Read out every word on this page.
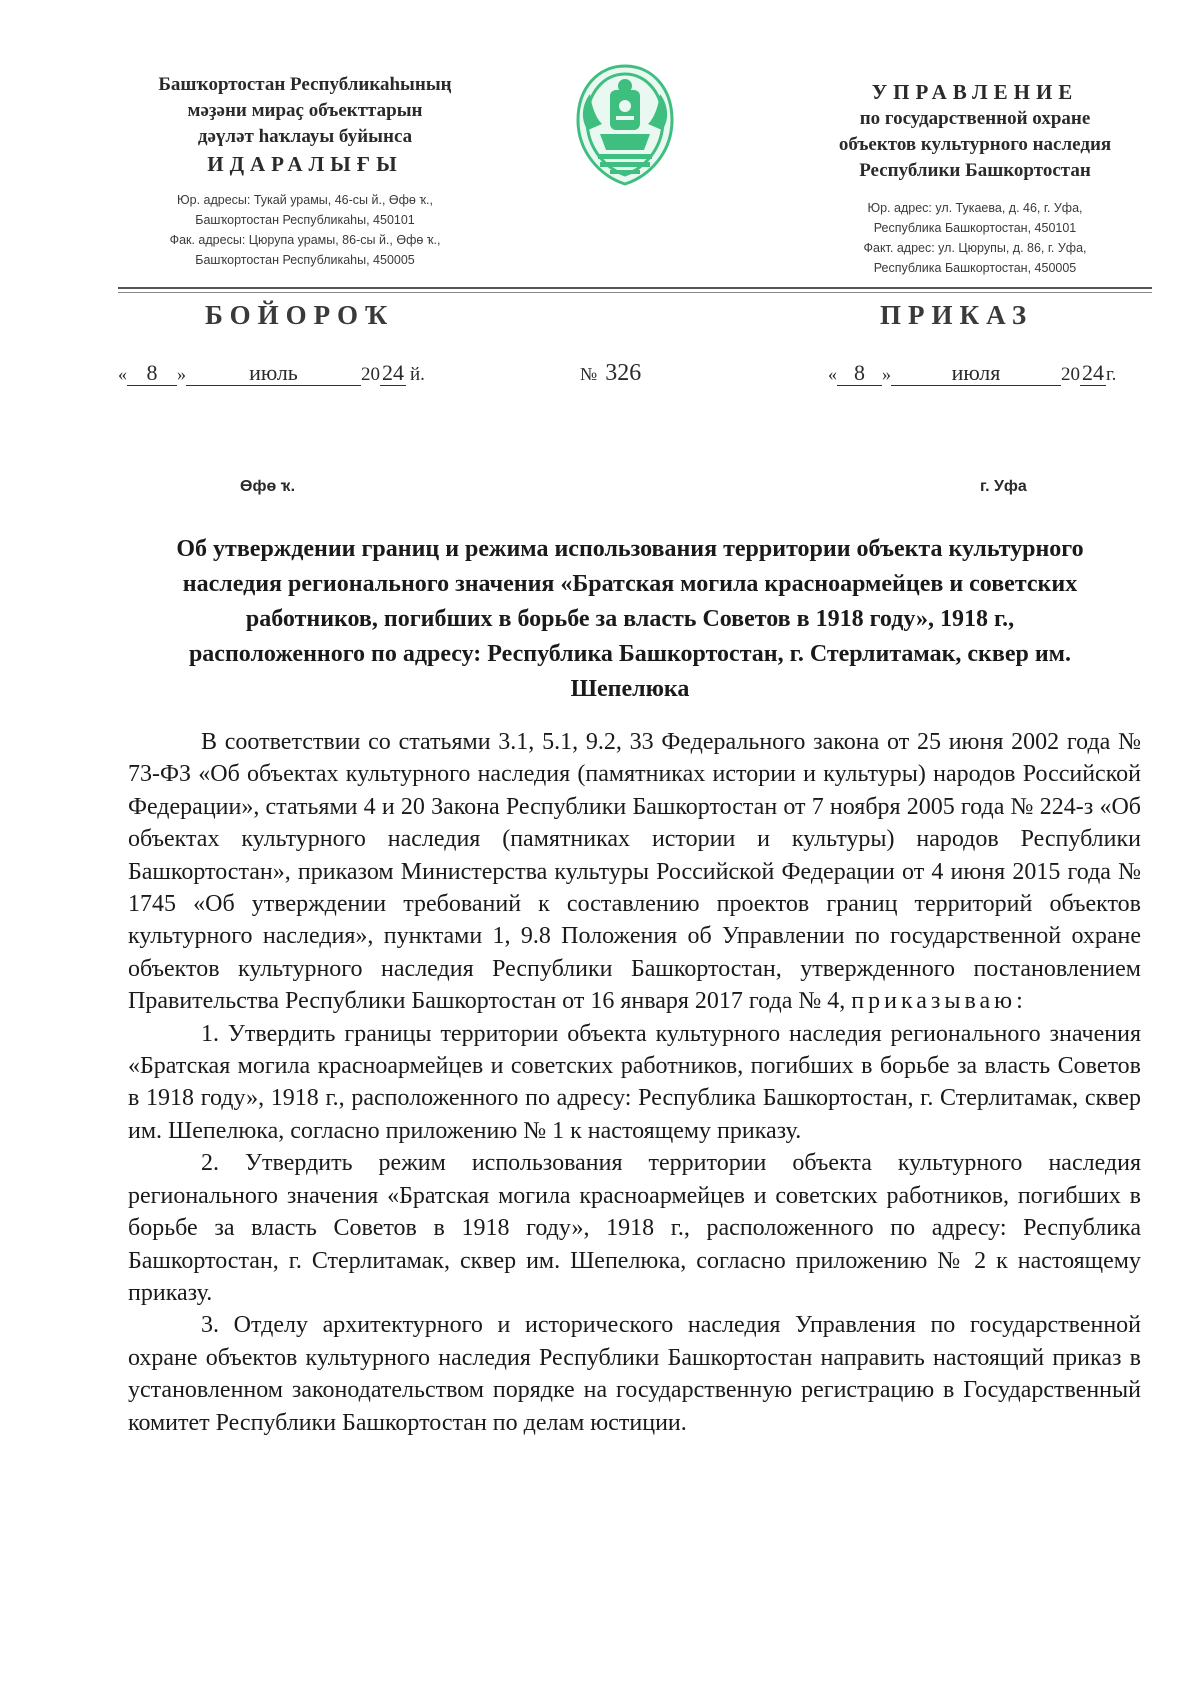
Башҡортостан Республикаһының
мәҙәни мираҫ объекттарын
дәүләт һаҡлауы буйынса
ИДАРАЛЫҒЫ
Юр. адресы: Тукай урамы, 46-сы й., Өфө ҡ.,
Башҡортостан Республикаһы, 450101
Фак. адресы: Цюрупа урамы, 86-сы й., Өфө ҡ.,
Башҡортостан Республикаһы, 450005
УПРАВЛЕНИЕ
по государственной охране
объектов культурного наследия
Республики Башкортостан
Юр. адрес: ул. Тукаева, д. 46, г. Уфа,
Республика Башкортостан, 450101
Факт. адрес: ул. Цюрупы, д. 86, г. Уфа,
Республика Башкортостан, 450005
БОЙОРОҠ	ПРИКАЗ
« 8 »	июль	2024 й.	№ 326	« 8 »	июля	2024 г.
Өфө ҡ.	г. Уфа
Об утверждении границ и режима использования территории объекта культурного наследия регионального значения «Братская могила красноармейцев и советских работников, погибших в борьбе за власть Советов в 1918 году», 1918 г., расположенного по адресу: Республика Башкортостан, г. Стерлитамак, сквер им. Шепелюка

В соответствии со статьями 3.1, 5.1, 9.2, 33 Федерального закона от 25 июня 2002 года № 73-ФЗ «Об объектах культурного наследия (памятниках истории и культуры) народов Российской Федерации», статьями 4 и 20 Закона Республики Башкортостан от 7 ноября 2005 года № 224-з «Об объектах культурного наследия (памятниках истории и культуры) народов Республики Башкортостан», приказом Министерства культуры Российской Федерации от 4 июня 2015 года № 1745 «Об утверждении требований к составлению проектов границ территорий объектов культурного наследия», пунктами 1, 9.8 Положения об Управлении по государственной охране объектов культурного наследия Республики Башкортостан, утвержденного постановлением Правительства Республики Башкортостан от 16 января 2017 года № 4, приказываю:

1. Утвердить границы территории объекта культурного наследия регионального значения «Братская могила красноармейцев и советских работников, погибших в борьбе за власть Советов в 1918 году», 1918 г., расположенного по адресу: Республика Башкортостан, г. Стерлитамак, сквер им. Шепелюка, согласно приложению № 1 к настоящему приказу.

2. Утвердить режим использования территории объекта культурного наследия регионального значения «Братская могила красноармейцев и советских работников, погибших в борьбе за власть Советов в 1918 году», 1918 г., расположенного по адресу: Республика Башкортостан, г. Стерлитамак, сквер им. Шепелюка, согласно приложению № 2 к настоящему приказу.

3. Отделу архитектурного и исторического наследия Управления по государственной охране объектов культурного наследия Республики Башкортостан направить настоящий приказ в установленном законодательством порядке на государственную регистрацию в Государственный комитет Республики Башкортостан по делам юстиции.
